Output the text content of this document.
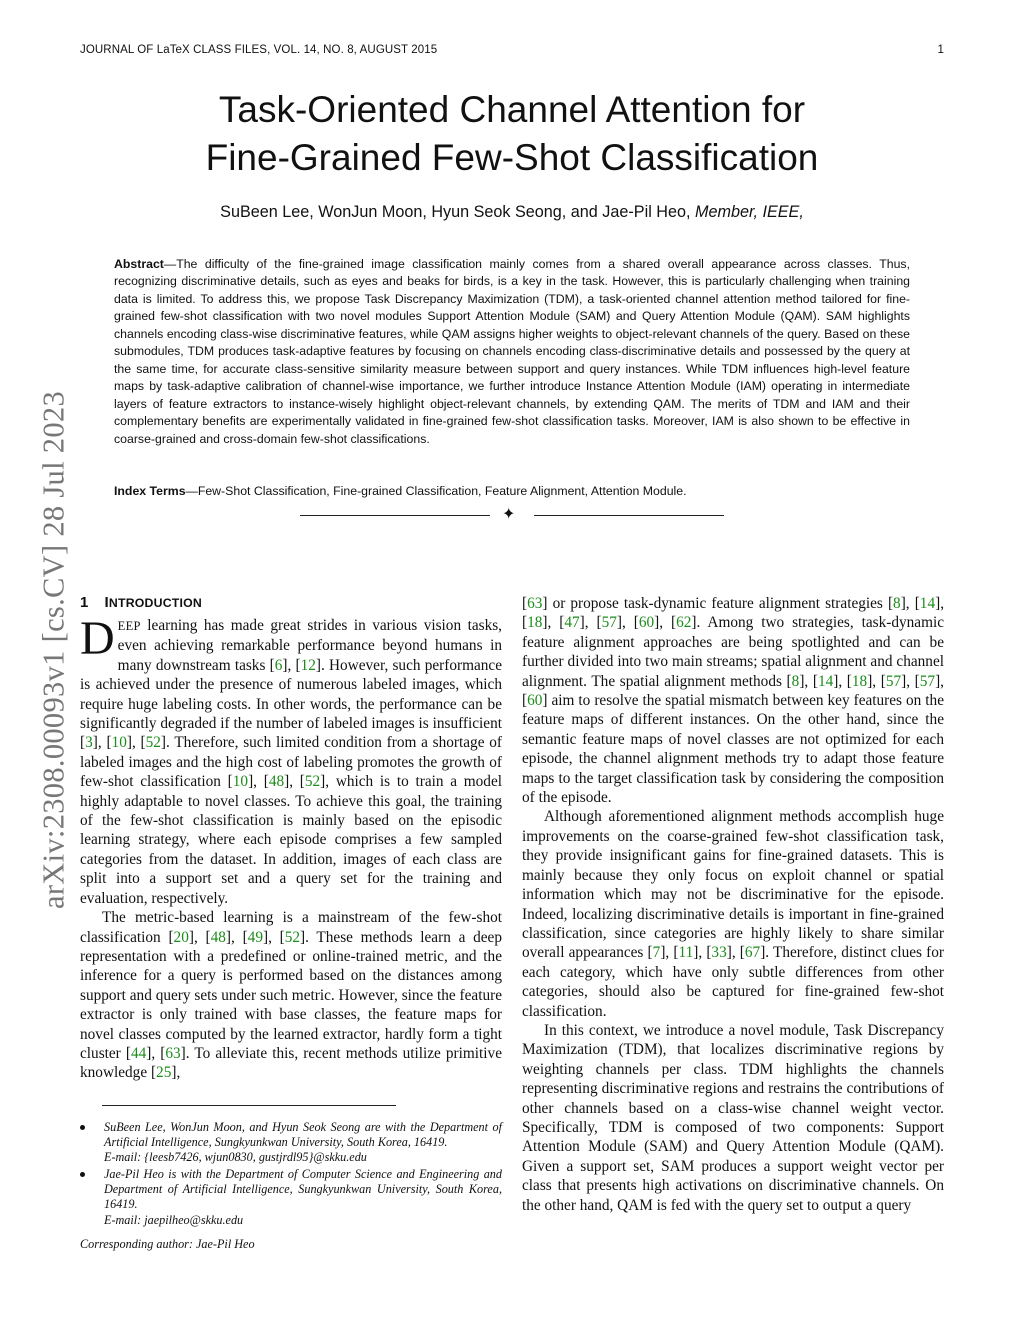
JOURNAL OF LaTeX CLASS FILES, VOL. 14, NO. 8, AUGUST 2015	1
arXiv:2308.00093v1 [cs.CV] 28 Jul 2023
Task-Oriented Channel Attention for
Fine-Grained Few-Shot Classification
SuBeen Lee, WonJun Moon, Hyun Seok Seong, and Jae-Pil Heo, Member, IEEE,
Abstract—The difficulty of the fine-grained image classification mainly comes from a shared overall appearance across classes. Thus, recognizing discriminative details, such as eyes and beaks for birds, is a key in the task. However, this is particularly challenging when training data is limited. To address this, we propose Task Discrepancy Maximization (TDM), a task-oriented channel attention method tailored for fine-grained few-shot classification with two novel modules Support Attention Module (SAM) and Query Attention Module (QAM). SAM highlights channels encoding class-wise discriminative features, while QAM assigns higher weights to object-relevant channels of the query. Based on these submodules, TDM produces task-adaptive features by focusing on channels encoding class-discriminative details and possessed by the query at the same time, for accurate class-sensitive similarity measure between support and query instances. While TDM influences high-level feature maps by task-adaptive calibration of channel-wise importance, we further introduce Instance Attention Module (IAM) operating in intermediate layers of feature extractors to instance-wisely highlight object-relevant channels, by extending QAM. The merits of TDM and IAM and their complementary benefits are experimentally validated in fine-grained few-shot classification tasks. Moreover, IAM is also shown to be effective in coarse-grained and cross-domain few-shot classifications.
Index Terms—Few-Shot Classification, Fine-grained Classification, Feature Alignment, Attention Module.
✦
1 INTRODUCTION

DEEP learning has made great strides in various vision tasks, even achieving remarkable performance beyond humans in many downstream tasks [6], [12]. However, such performance is achieved under the presence of numerous labeled images, which require huge labeling costs. In other words, the performance can be significantly degraded if the number of labeled images is insufficient [3], [10], [52]. Therefore, such limited condition from a shortage of labeled images and the high cost of labeling promotes the growth of few-shot classification [10], [48], [52], which is to train a model highly adaptable to novel classes. To achieve this goal, the training of the few-shot classification is mainly based on the episodic learning strategy, where each episode comprises a few sampled categories from the dataset. In addition, images of each class are split into a support set and a query set for the training and evaluation, respectively.

The metric-based learning is a mainstream of the few-shot classification [20], [48], [49], [52]. These methods learn a deep representation with a predefined or online-trained metric, and the inference for a query is performed based on the distances among support and query sets under such metric. However, since the feature extractor is only trained with base classes, the feature maps for novel classes computed by the learned extractor, hardly form a tight cluster [44], [63]. To alleviate this, recent methods utilize primitive knowledge [25],

SuBeen Lee, WonJun Moon, and Hyun Seok Seong are with the Department of Artificial Intelligence, Sungkyunkwan University, South Korea, 16419.
E-mail: {leesb7426, wjun0830, gustjrdl95}@skku.edu
Jae-Pil Heo is with the Department of Computer Science and Engineering and Department of Artificial Intelligence, Sungkyunkwan University, South Korea, 16419.
E-mail: jaepilheo@skku.edu
Corresponding author: Jae-Pil Heo

[63] or propose task-dynamic feature alignment strategies [8], [14], [18], [47], [57], [60], [62]. Among two strategies, task-dynamic feature alignment approaches are being spotlighted and can be further divided into two main streams; spatial alignment and channel alignment. The spatial alignment methods [8], [14], [18], [57], [57], [60] aim to resolve the spatial mismatch between key features on the feature maps of different instances. On the other hand, since the semantic feature maps of novel classes are not optimized for each episode, the channel alignment methods try to adapt those feature maps to the target classification task by considering the composition of the episode.

Although aforementioned alignment methods accomplish huge improvements on the coarse-grained few-shot classification task, they provide insignificant gains for fine-grained datasets. This is mainly because they only focus on exploit channel or spatial information which may not be discriminative for the episode. Indeed, localizing discriminative details is important in fine-grained classification, since categories are highly likely to share similar overall appearances [7], [11], [33], [67]. Therefore, distinct clues for each category, which have only subtle differences from other categories, should also be captured for fine-grained few-shot classification.

In this context, we introduce a novel module, Task Discrepancy Maximization (TDM), that localizes discriminative regions by weighting channels per class. TDM highlights the channels representing discriminative regions and restrains the contributions of other channels based on a class-wise channel weight vector. Specifically, TDM is composed of two components: Support Attention Module (SAM) and Query Attention Module (QAM). Given a support set, SAM produces a support weight vector per class that presents high activations on discriminative channels. On the other hand, QAM is fed with the query set to output a query
